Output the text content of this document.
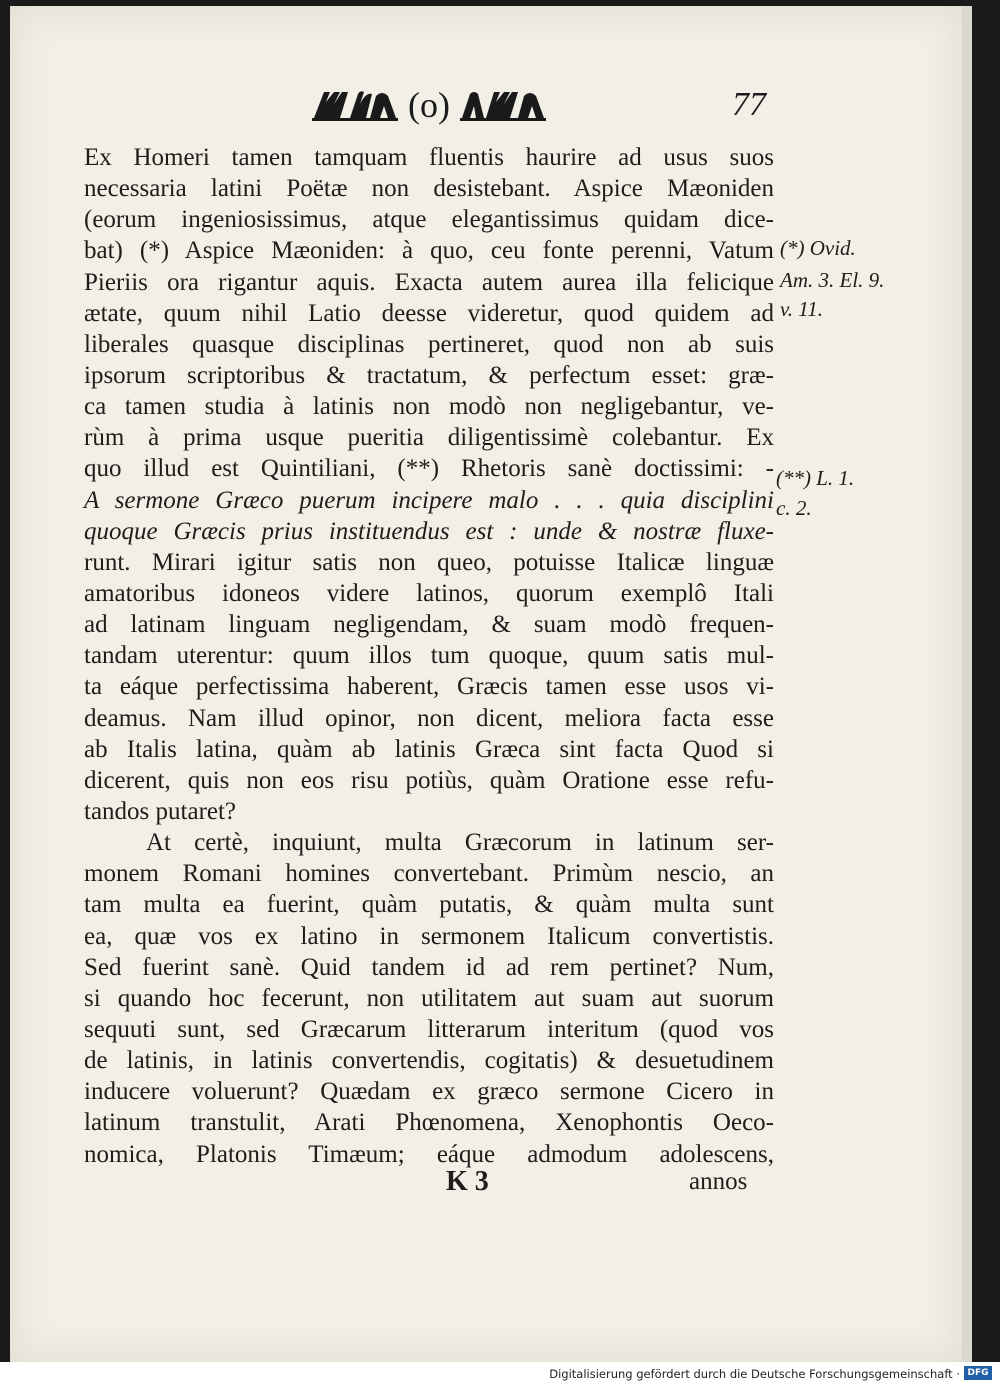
(o)	77
Ex Homeri tamen tamquam fluentis haurire ad usus suos
necessaria latini Poëtæ non desistebant. Aspice Mæoniden
(eorum ingeniosissimus, atque elegantissimus quidam dice-
bat) (*) Aspice Mæoniden: à quo, ceu fonte perenni, Vatum
Pieriis ora rigantur aquis. Exacta autem aurea illa felicique
ætate, quum nihil Latio deesse videretur, quod quidem ad
liberales quasque disciplinas pertineret, quod non ab suis
ipsorum scriptoribus & tractatum, & perfectum esset: græ-
ca tamen studia à latinis non modò non negligebantur, ve-
rùm à prima usque pueritia diligentissimè colebantur. Ex
quo illud est Quintiliani, (**) Rhetoris sanè doctissimi: -
A sermone Græco puerum incipere malo . . . quia disciplini
quoque Græcis prius instituendus est : unde & nostræ fluxe-
runt. Mirari igitur satis non queo, potuisse Italicæ linguæ
amatoribus idoneos videre latinos, quorum exemplô Itali
ad latinam linguam negligendam, & suam modò frequen-
tandam uterentur: quum illos tum quoque, quum satis mul-
ta eáque perfectissima haberent, Græcis tamen esse usos vi-
deamus. Nam illud opinor, non dicent, meliora facta esse
ab Italis latina, quàm ab latinis Græca sint facta Quod si
dicerent, quis non eos risu potiùs, quàm Oratione esse refu-
tandos putaret?
At certè, inquiunt, multa Græcorum in latinum ser-
monem Romani homines convertebant. Primùm nescio, an
tam multa ea fuerint, quàm putatis, & quàm multa sunt
ea, quæ vos ex latino in sermonem Italicum convertistis.
Sed fuerint sanè. Quid tandem id ad rem pertinet? Num,
si quando hoc fecerunt, non utilitatem aut suam aut suorum
sequuti sunt, sed Græcarum litterarum interitum (quod vos
de latinis, in latinis convertendis, cogitatis) & desuetudinem
inducere voluerunt? Quædam ex græco sermone Cicero in
latinum transtulit, Arati Phœnomena, Xenophontis Oeco-
nomica, Platonis Timæum; eáque admodum adolescens,
(*) Ovid.
Am. 3. El. 9.
v. 11.
(**) L. 1.
c. 2.
K 3	annos
Digitalisierung gefördert durch die Deutsche Forschungsgemeinschaft · DFG
